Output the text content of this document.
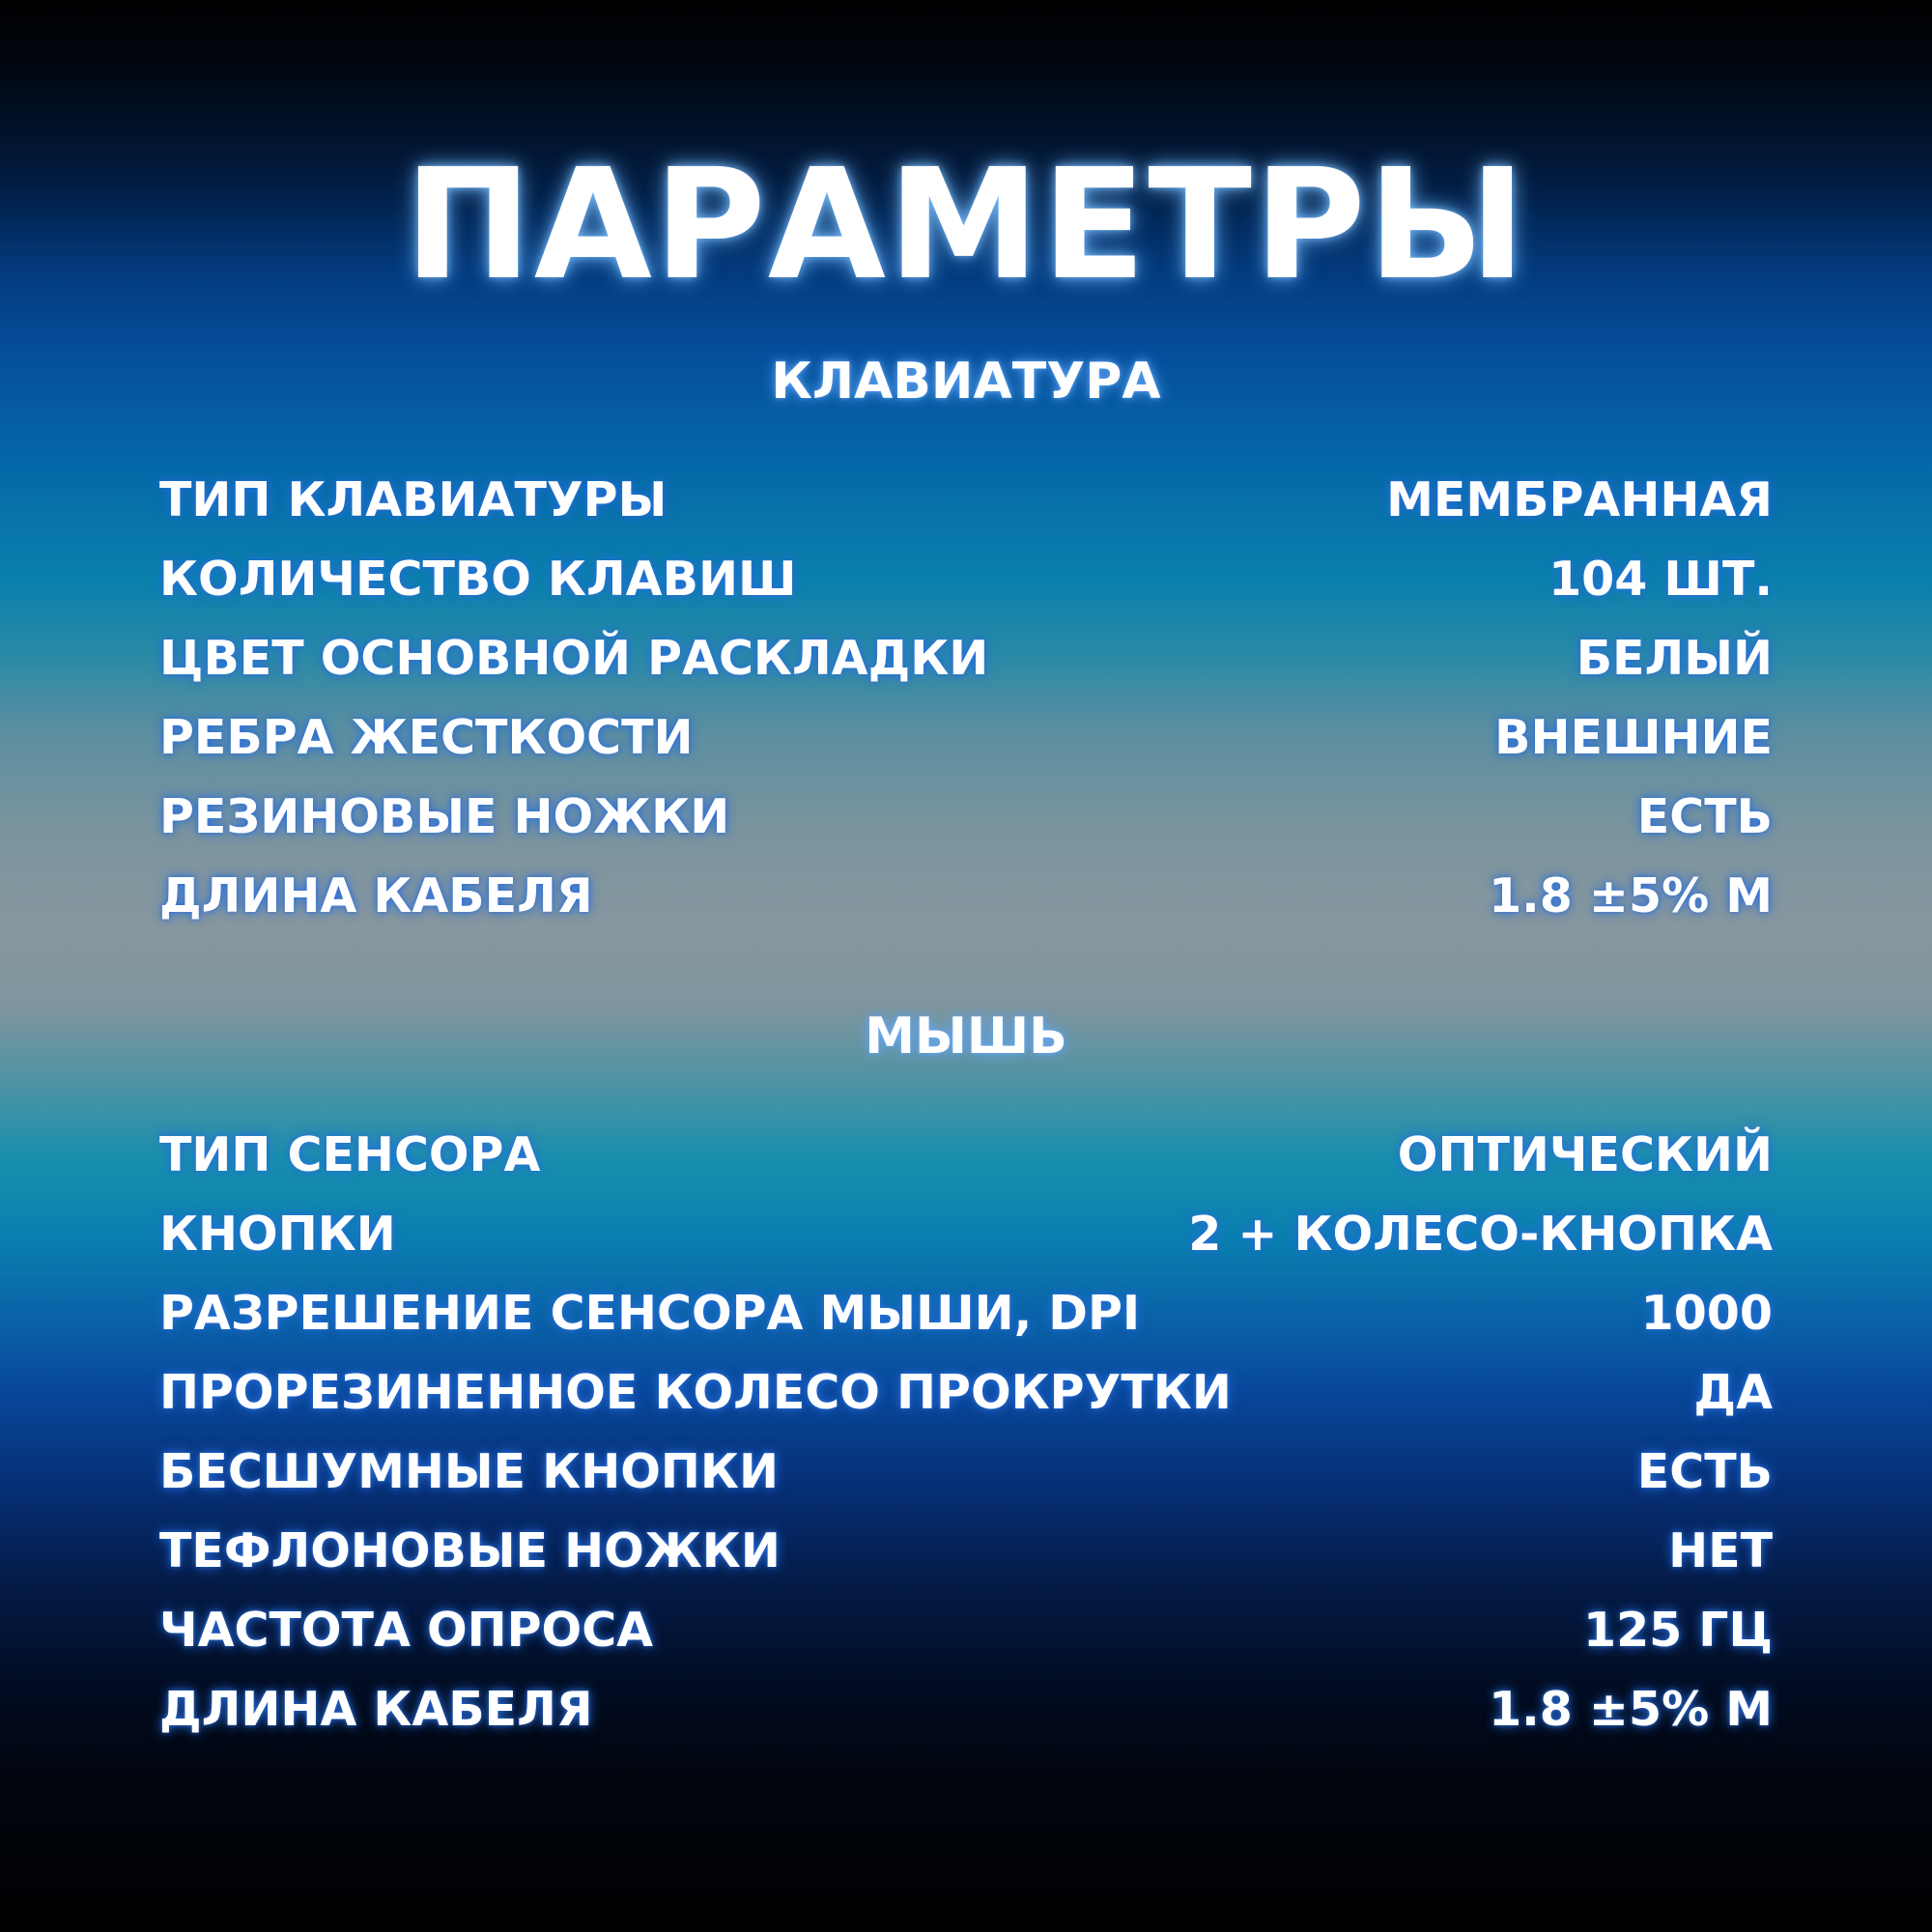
ПАРАМЕТРЫ
КЛАВИАТУРА
ТИП КЛАВИАТУРЫ	МЕМБРАННАЯ
КОЛИЧЕСТВО КЛАВИШ	104 ШТ.
ЦВЕТ ОСНОВНОЙ РАСКЛАДКИ	БЕЛЫЙ
РЕБРА ЖЕСТКОСТИ	ВНЕШНИЕ
РЕЗИНОВЫЕ НОЖКИ	ЕСТЬ
ДЛИНА КАБЕЛЯ	1.8 ±5% М
МЫШЬ
ТИП СЕНСОРА	ОПТИЧЕСКИЙ
КНОПКИ	2 + КОЛЕСО-КНОПКА
РАЗРЕШЕНИЕ СЕНСОРА МЫШИ, DPI	1000
ПРОРЕЗИНЕННОЕ КОЛЕСО ПРОКРУТКИ	ДА
БЕСШУМНЫЕ КНОПКИ	ЕСТЬ
ТЕФЛОНОВЫЕ НОЖКИ	НЕТ
ЧАСТОТА ОПРОСА	125 ГЦ
ДЛИНА КАБЕЛЯ	1.8 ±5% М
